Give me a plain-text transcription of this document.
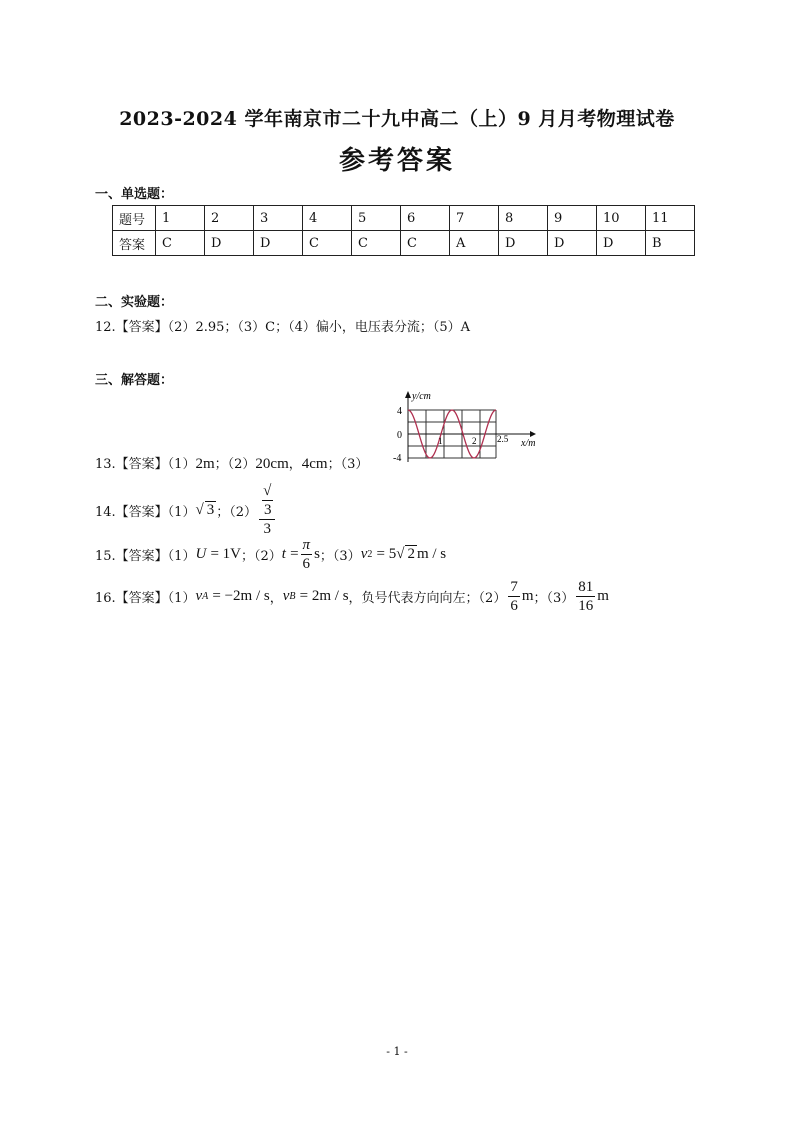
2023-2024 学年南京市二十九中高二（上）9 月月考物理试卷
参考答案
一、单选题：
题号	1	2	3	4	5	6	7	8	9	10	11
答案	C	D	D	C	C	C	A	D	D	D	B
二、实验题：
12.【答案】（2）2.95；（3）C；（4）偏小，电压表分流；（5）A
三、解答题：
y/cm
x/m
4
0
-4
1	2 2.5
13.【答案】（1）2m；（2）20cm，4cm；（3）
14.【答案】（1） √ 3 ；（2） √
3
3
15.【答案】（1） U
= 1V ；（2） t
= $\frac{\pi}{6}$ s ；（3） v 2
= 5 √ 2 m / s
16.【答案】（1） v A
= −2m / s ， v B
= 2m / s ，负号代表方向向左；$(2) \frac{7}{6}$ m ；$(3) \frac{81}{16}$ m
- 1 -
